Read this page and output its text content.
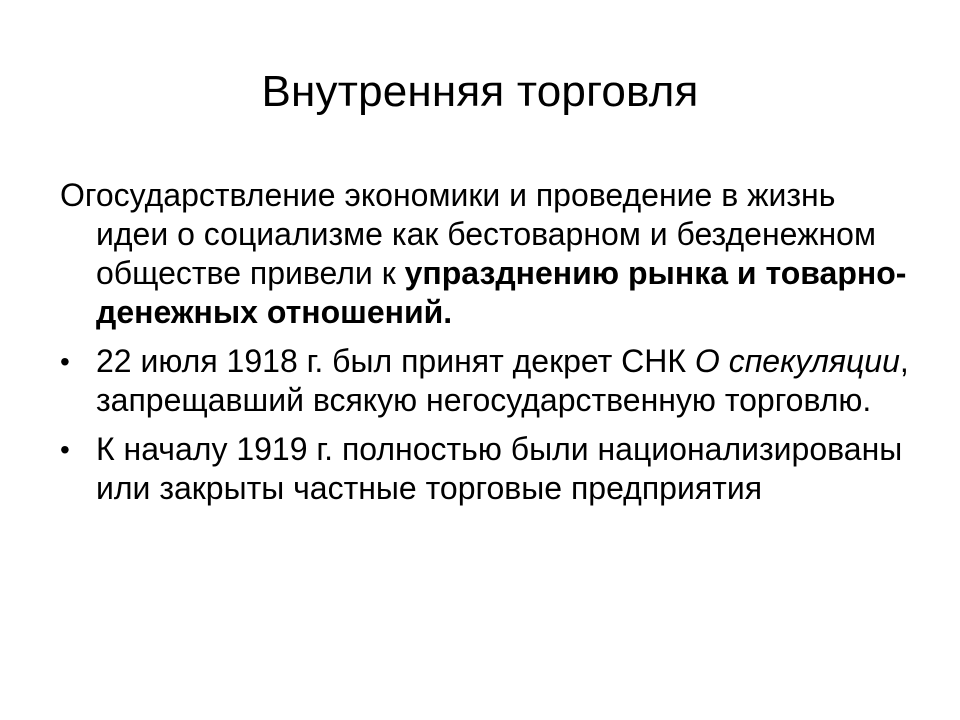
Внутренняя торговля

Огосударствление экономики и проведение в жизнь идеи о социализме как бестоварном и безденежном обществе привели к упразднению рынка и товарно-денежных отношений.

• 22 июля 1918 г. был принят декрет СНК О спекуляции, запрещавший всякую негосударственную торговлю.
• К началу 1919 г. полностью были национализированы или закрыты частные торговые предприятия
